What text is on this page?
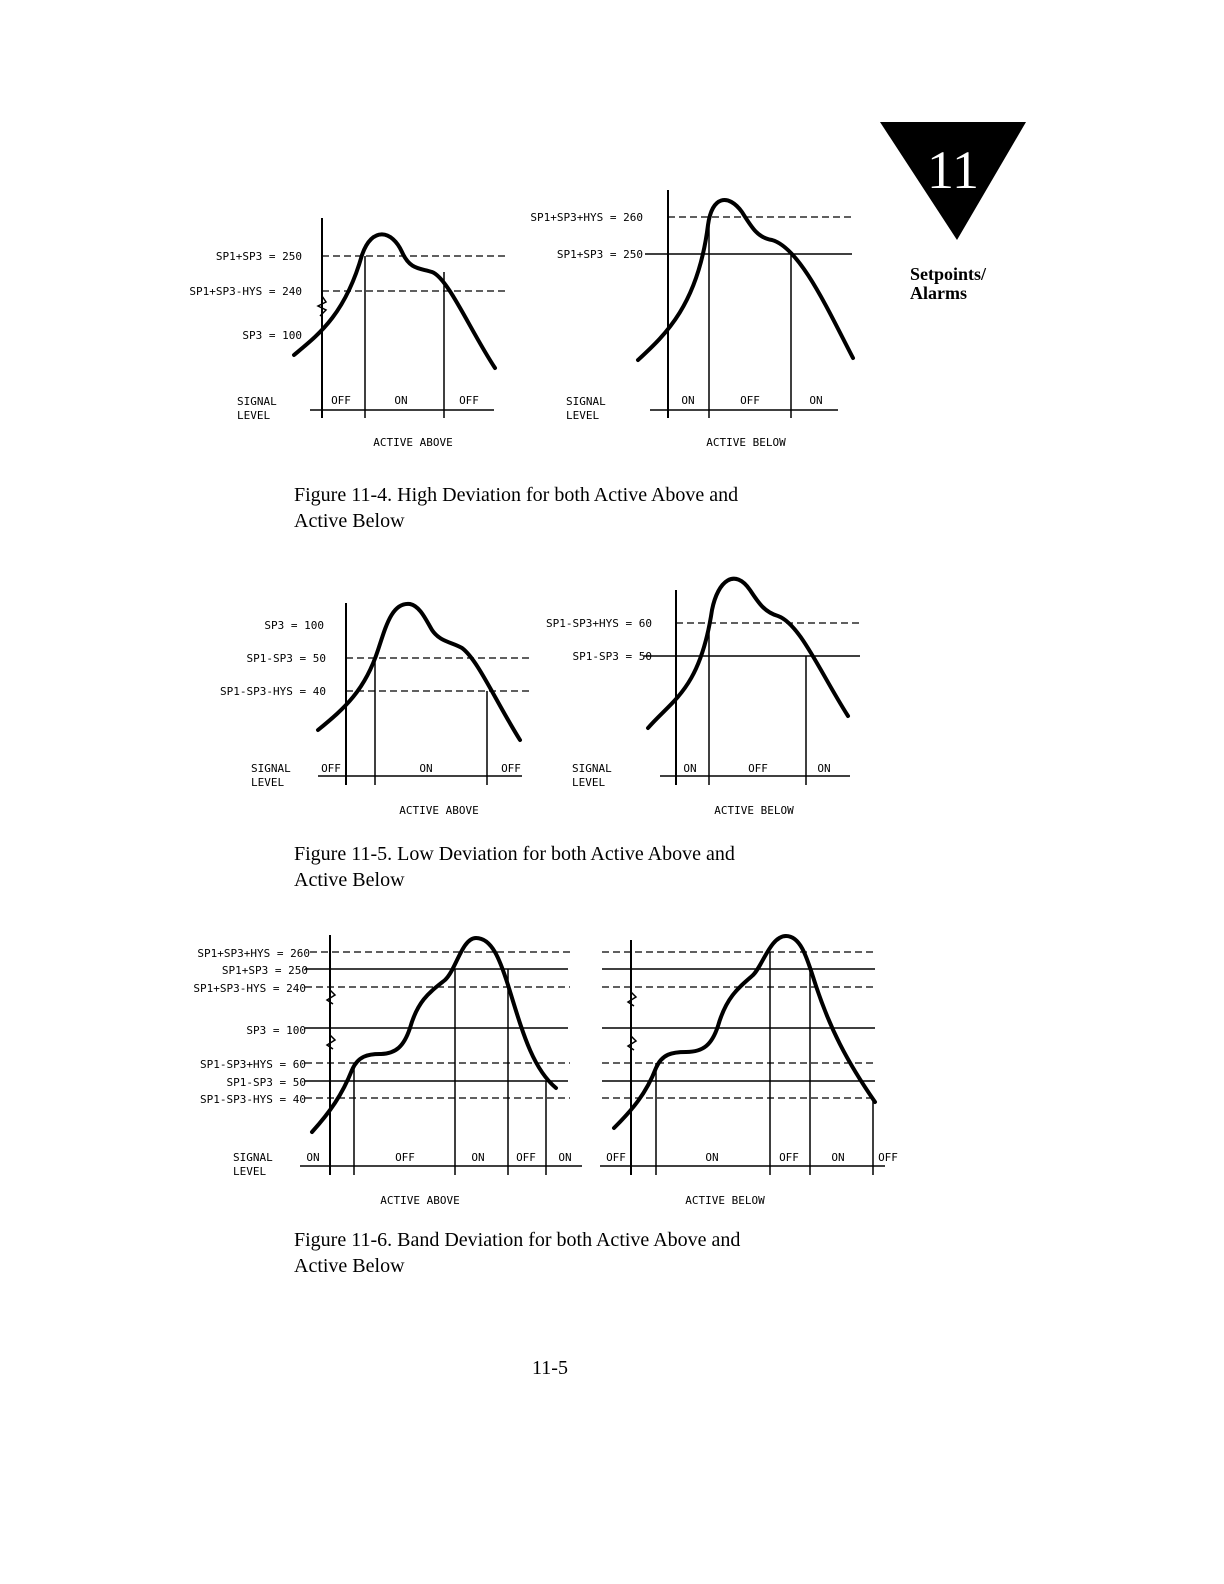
11
Setpoints/
Alarms
SP1+SP3 = 250
SP1+SP3-HYS = 240
SP3 = 100
SIGNAL
LEVEL
OFF	ON	OFF
ACTIVE ABOVE
SP1+SP3+HYS = 260
SP1+SP3 = 250
SIGNAL
LEVEL
ON	OFF	ON
ACTIVE BELOW
Figure 11-4. High Deviation for both Active Above and
Active Below
SP3 = 100
SP1-SP3 = 50
SP1-SP3-HYS = 40
SIGNAL
LEVEL
OFF	ON	OFF
ACTIVE ABOVE
SP1-SP3+HYS = 60
SP1-SP3 = 50
SIGNAL
LEVEL
ON	OFF	ON
ACTIVE BELOW
Figure 11-5. Low Deviation for both Active Above and
Active Below
SP1+SP3+HYS = 260
SP1+SP3 = 250
SP1+SP3-HYS = 240
SP3 = 100
SP1-SP3+HYS = 60
SP1-SP3 = 50
SP1-SP3-HYS = 40
SIGNAL
LEVEL
ON	OFF	ON	OFF ON
ACTIVE ABOVE
OFF	ON	OFF	ON	OFF
ACTIVE BELOW
Figure 11-6. Band Deviation for both Active Above and
Active Below
11-5
